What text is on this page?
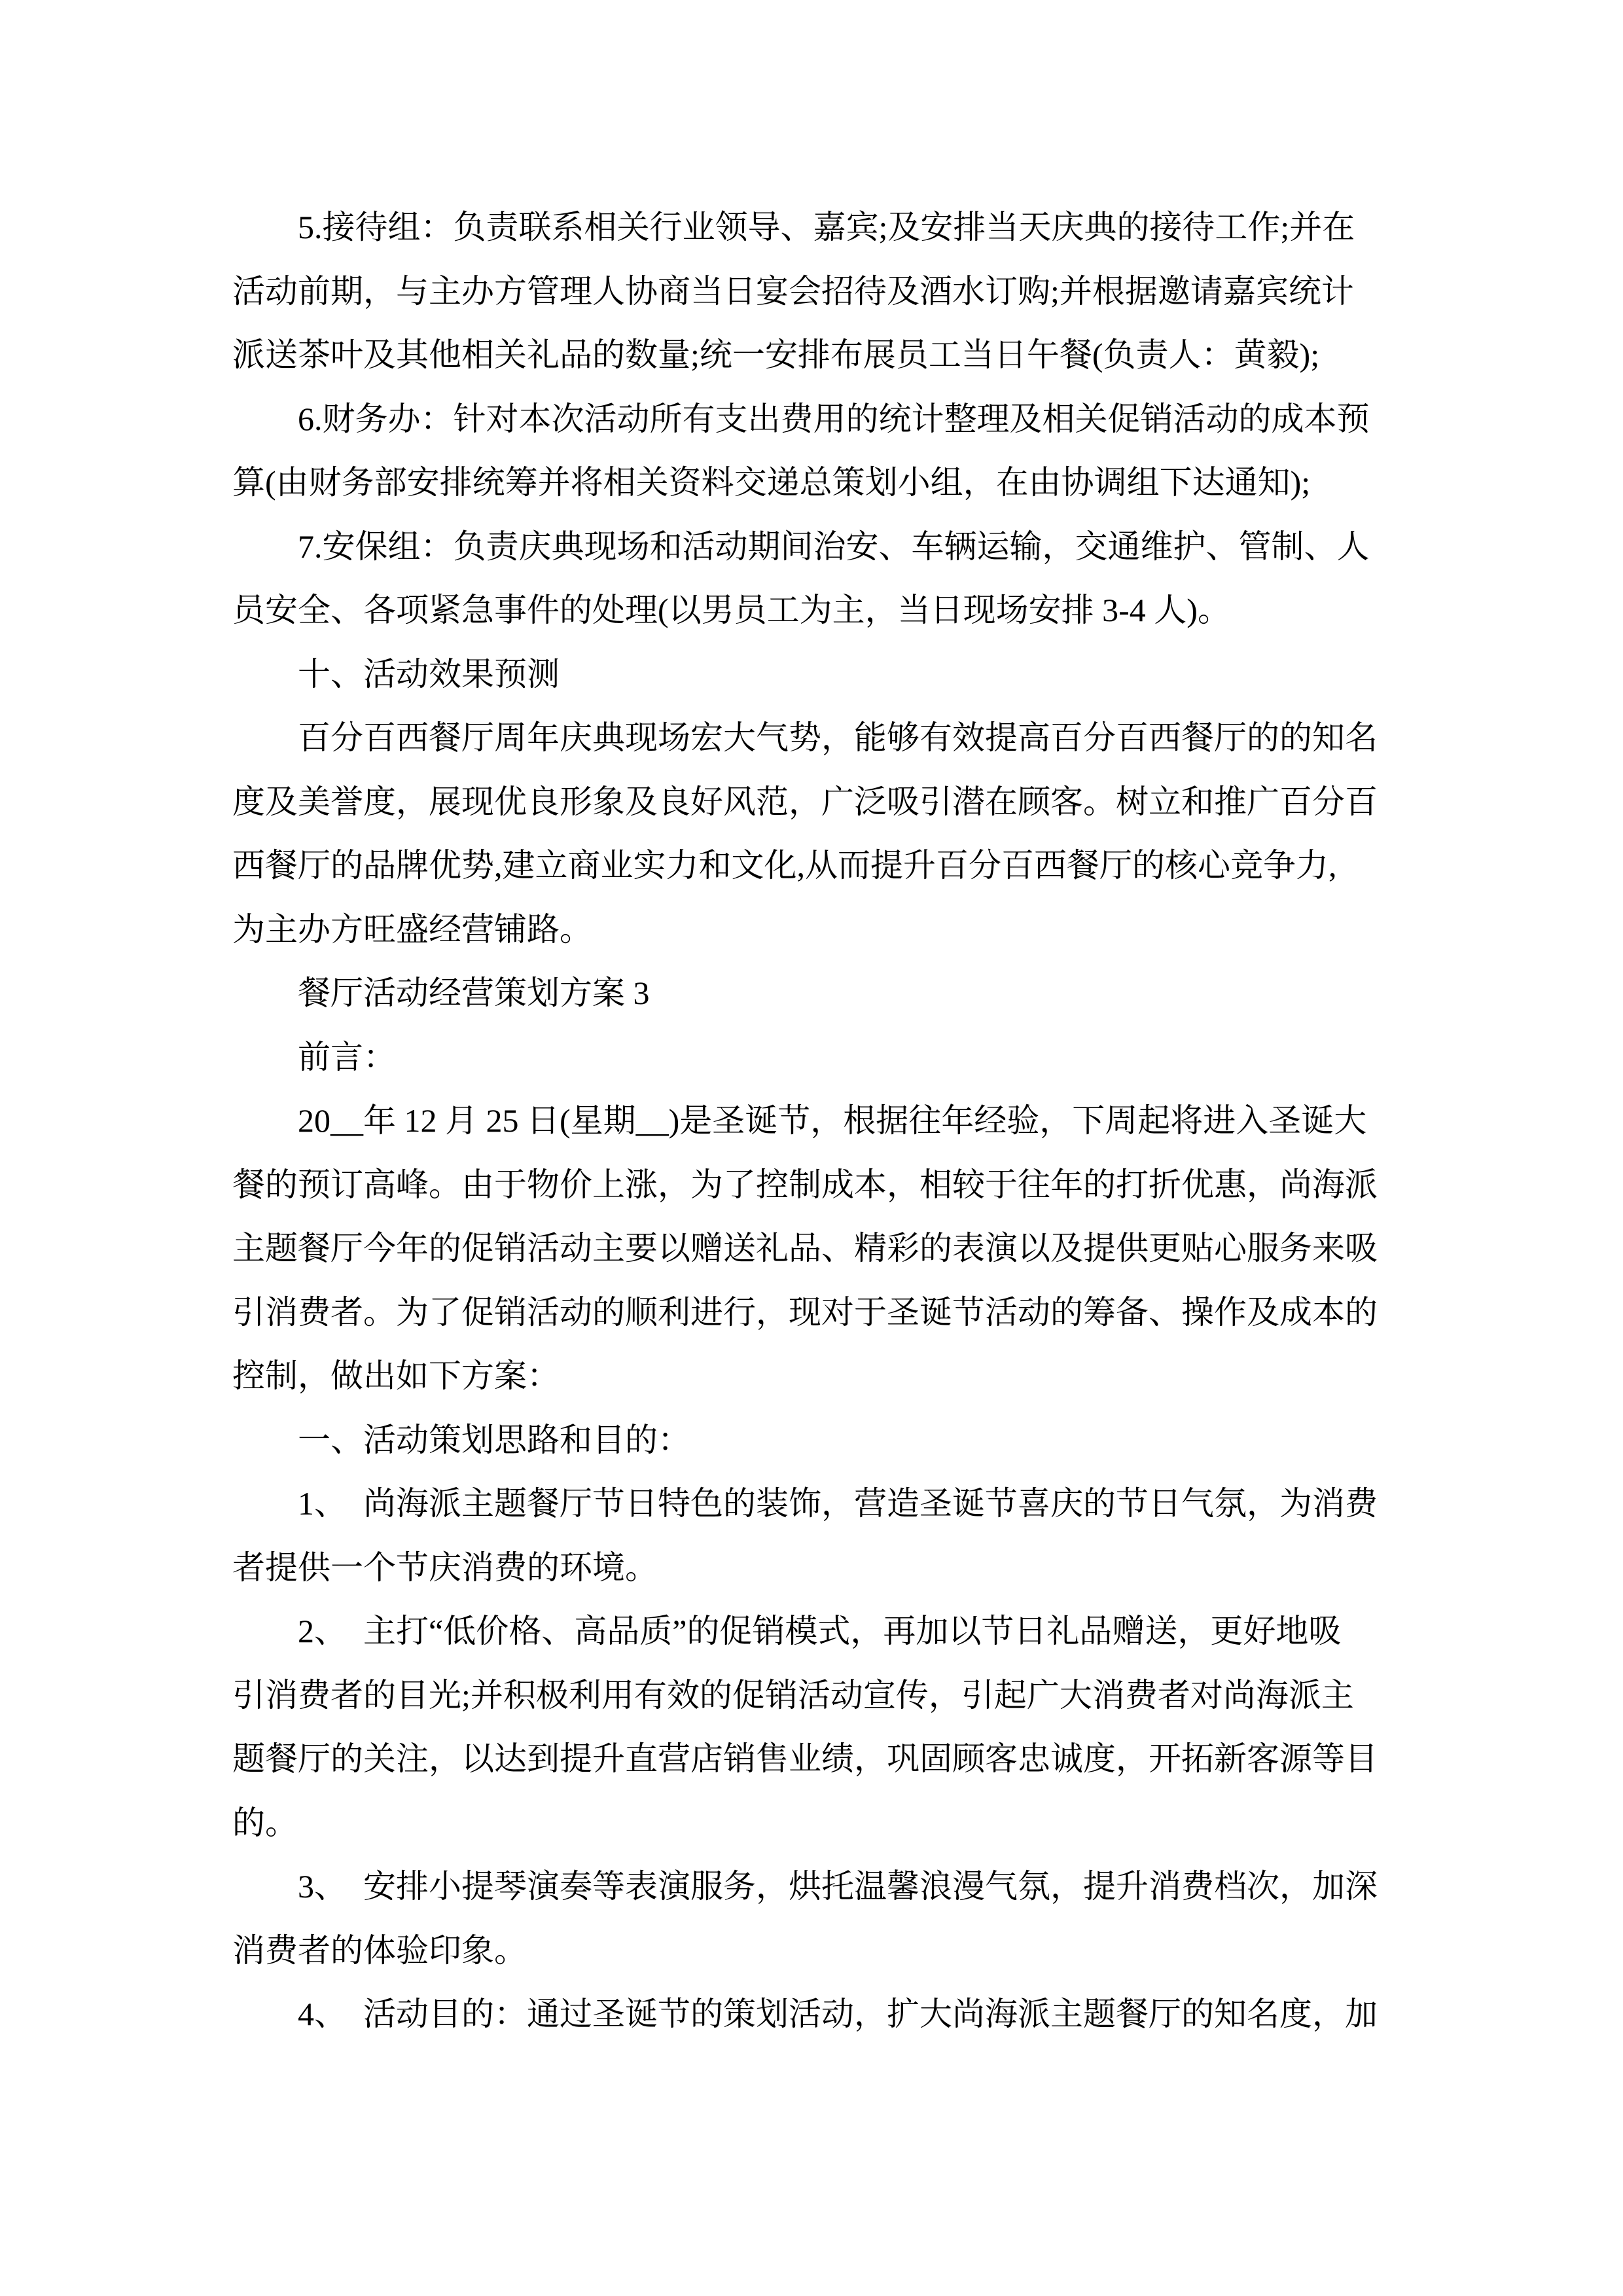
5.接待组：负责联系相关行业领导、嘉宾;及安排当天庆典的接待工作;并在

活动前期，与主办方管理人协商当日宴会招待及酒水订购;并根据邀请嘉宾统计

派送茶叶及其他相关礼品的数量;统一安排布展员工当日午餐(负责人：黄毅);

6.财务办：针对本次活动所有支出费用的统计整理及相关促销活动的成本预

算(由财务部安排统筹并将相关资料交递总策划小组，在由协调组下达通知);

7.安保组：负责庆典现场和活动期间治安、车辆运输，交通维护、管制、人

员安全、各项紧急事件的处理(以男员工为主，当日现场安排 3-4 人)。

十、活动效果预测

百分百西餐厅周年庆典现场宏大气势，能够有效提高百分百西餐厅的的知名

度及美誉度，展现优良形象及良好风范，广泛吸引潜在顾客。树立和推广百分百

西餐厅的品牌优势,建立商业实力和文化,从而提升百分百西餐厅的核心竞争力,

为主办方旺盛经营铺路。

餐厅活动经营策划方案 3

前言：

20__年 12 月 25 日(星期__)是圣诞节，根据往年经验，下周起将进入圣诞大

餐的预订高峰。由于物价上涨，为了控制成本，相较于往年的打折优惠，尚海派

主题餐厅今年的促销活动主要以赠送礼品、精彩的表演以及提供更贴心服务来吸

引消费者。为了促销活动的顺利进行，现对于圣诞节活动的筹备、操作及成本的

控制，做出如下方案：

一、活动策划思路和目的：

1、　尚海派主题餐厅节日特色的装饰，营造圣诞节喜庆的节日气氛，为消费

者提供一个节庆消费的环境。

2、　主打“低价格、高品质”的促销模式，再加以节日礼品赠送，更好地吸

引消费者的目光;并积极利用有效的促销活动宣传，引起广大消费者对尚海派主

题餐厅的关注，以达到提升直营店销售业绩，巩固顾客忠诚度，开拓新客源等目

的。

3、　安排小提琴演奏等表演服务，烘托温馨浪漫气氛，提升消费档次，加深

消费者的体验印象。

4、　活动目的：通过圣诞节的策划活动，扩大尚海派主题餐厅的知名度，加
